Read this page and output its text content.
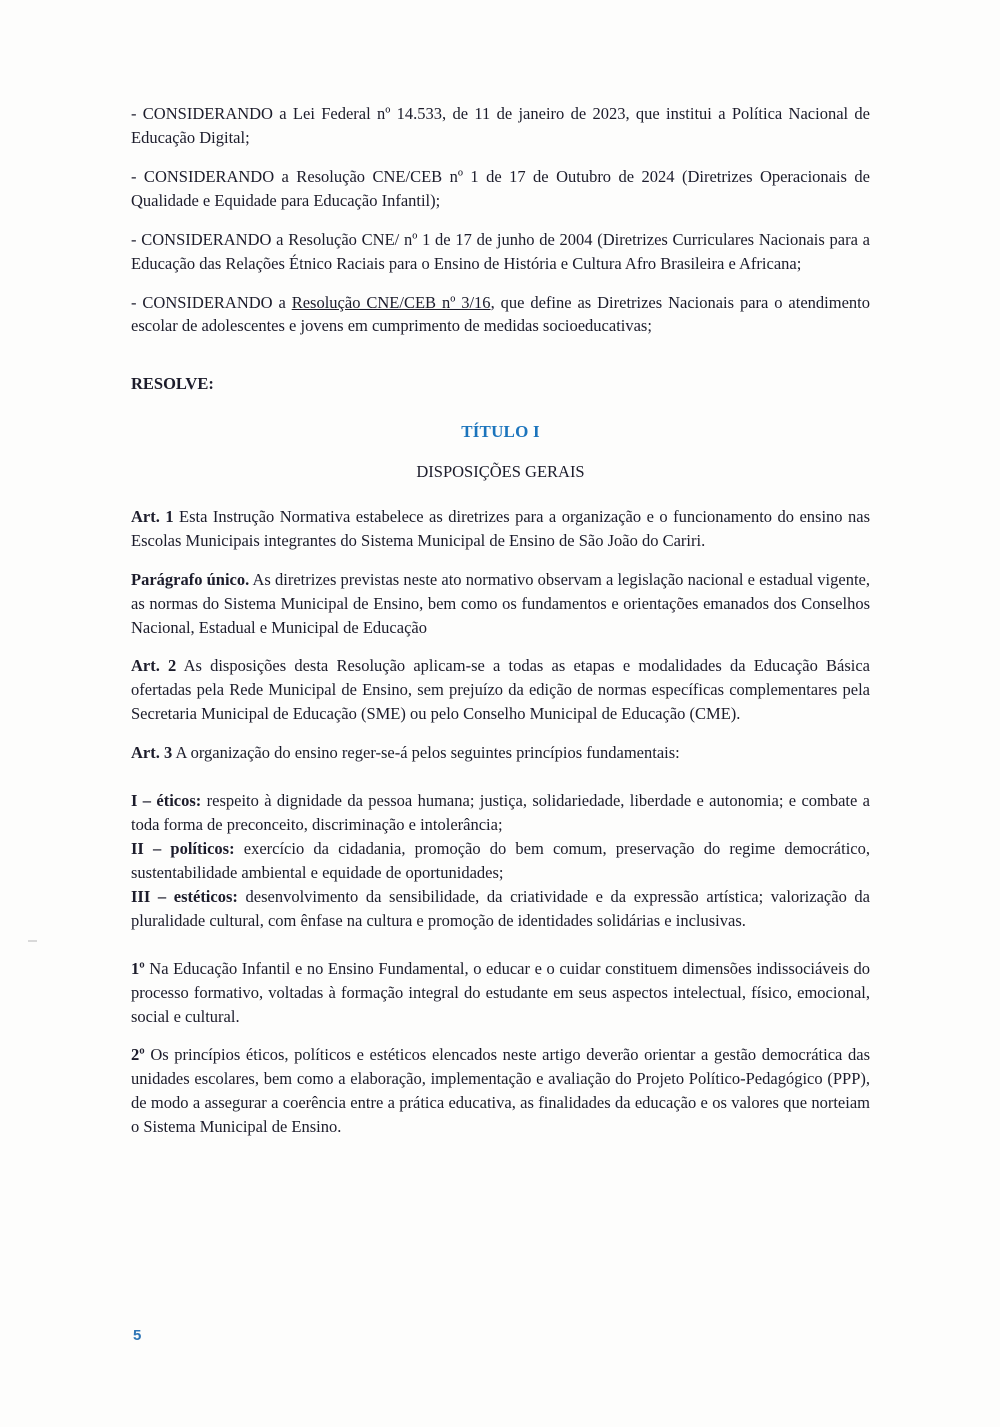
- CONSIDERANDO a Lei Federal nº 14.533, de 11 de janeiro de 2023, que institui a Política Nacional de Educação Digital;

- CONSIDERANDO a Resolução CNE/CEB nº 1 de 17 de Outubro de 2024 (Diretrizes Operacionais de Qualidade e Equidade para Educação Infantil);

- CONSIDERANDO a Resolução CNE/ nº 1 de 17 de junho de 2004 (Diretrizes Curriculares Nacionais para a Educação das Relações Étnico Raciais para o Ensino de História e Cultura Afro Brasileira e Africana;

- CONSIDERANDO a Resolução CNE/CEB nº 3/16, que define as Diretrizes Nacionais para o atendimento escolar de adolescentes e jovens em cumprimento de medidas socioeducativas;

RESOLVE:

TÍTULO I
DISPOSIÇÕES GERAIS

Art. 1 Esta Instrução Normativa estabelece as diretrizes para a organização e o funcionamento do ensino nas Escolas Municipais integrantes do Sistema Municipal de Ensino de São João do Cariri.

Parágrafo único. As diretrizes previstas neste ato normativo observam a legislação nacional e estadual vigente, as normas do Sistema Municipal de Ensino, bem como os fundamentos e orientações emanados dos Conselhos Nacional, Estadual e Municipal de Educação

Art. 2 As disposições desta Resolução aplicam-se a todas as etapas e modalidades da Educação Básica ofertadas pela Rede Municipal de Ensino, sem prejuízo da edição de normas específicas complementares pela Secretaria Municipal de Educação (SME) ou pelo Conselho Municipal de Educação (CME).

Art. 3 A organização do ensino reger-se-á pelos seguintes princípios fundamentais:

I – éticos: respeito à dignidade da pessoa humana; justiça, solidariedade, liberdade e autonomia; e combate a toda forma de preconceito, discriminação e intolerância;

II – políticos: exercício da cidadania, promoção do bem comum, preservação do regime democrático, sustentabilidade ambiental e equidade de oportunidades;

III – estéticos: desenvolvimento da sensibilidade, da criatividade e da expressão artística; valorização da pluralidade cultural, com ênfase na cultura e promoção de identidades solidárias e inclusivas.

1º Na Educação Infantil e no Ensino Fundamental, o educar e o cuidar constituem dimensões indissociáveis do processo formativo, voltadas à formação integral do estudante em seus aspectos intelectual, físico, emocional, social e cultural.

2º Os princípios éticos, políticos e estéticos elencados neste artigo deverão orientar a gestão democrática das unidades escolares, bem como a elaboração, implementação e avaliação do Projeto Político-Pedagógico (PPP), de modo a assegurar a coerência entre a prática educativa, as finalidades da educação e os valores que norteiam o Sistema Municipal de Ensino.

5
